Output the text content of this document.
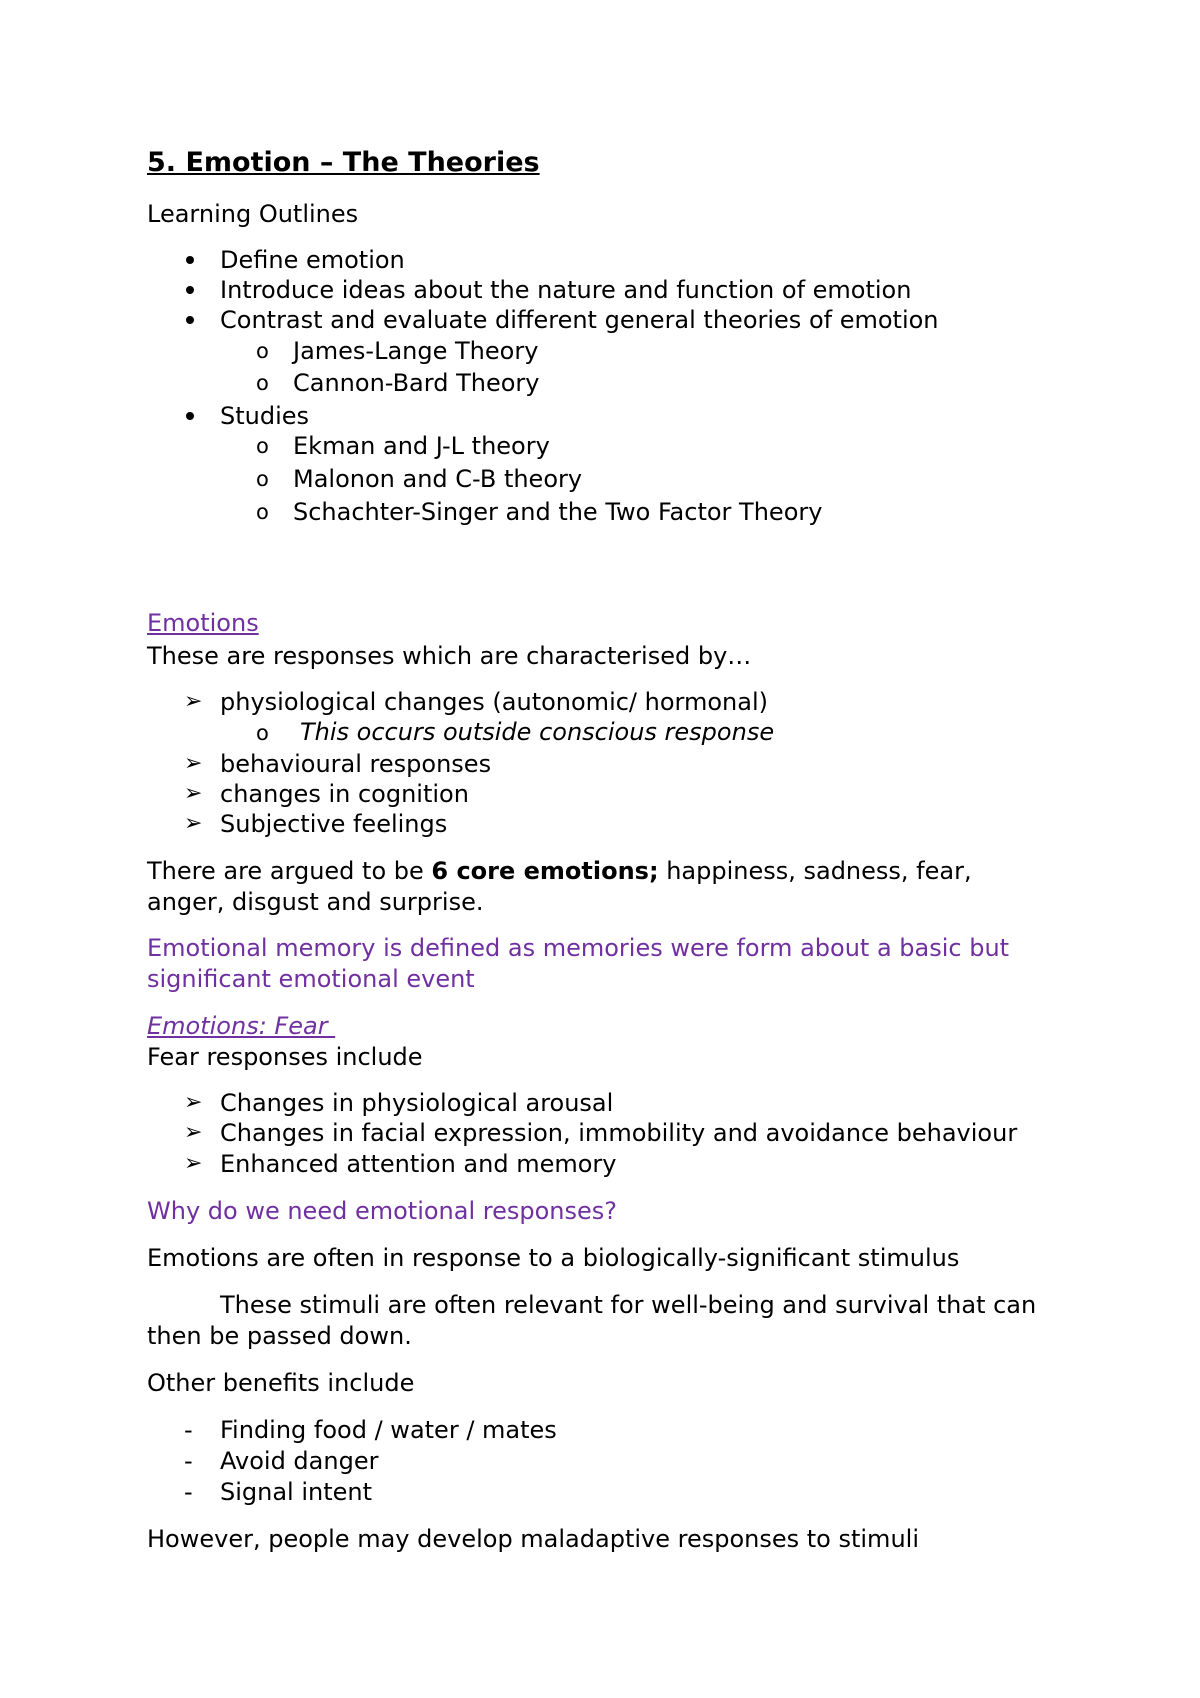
5. Emotion – The Theories
Learning Outlines
Define emotion
Introduce ideas about the nature and function of emotion
Contrast and evaluate different general theories of emotion
o James-Lange Theory
o Cannon-Bard Theory
Studies
o Ekman and J-L theory
o Malonon and C-B theory
o Schachter-Singer and the Two Factor Theory
Emotions
These are responses which are characterised by…
➢ physiological changes (autonomic/ hormonal)
o This occurs outside conscious response
➢ behavioural responses
➢ changes in cognition
➢ Subjective feelings
There are argued to be 6 core emotions; happiness, sadness, fear,
anger, disgust and surprise.
Emotional memory is defined as memories were form about a basic but
significant emotional event
Emotions: Fear
Fear responses include
➢ Changes in physiological arousal
➢ Changes in facial expression, immobility and avoidance behaviour
➢ Enhanced attention and memory
Why do we need emotional responses?
Emotions are often in response to a biologically-significant stimulus
These stimuli are often relevant for well-being and survival that can
then be passed down.
Other benefits include
- Finding food / water / mates
- Avoid danger
- Signal intent
However, people may develop maladaptive responses to stimuli
